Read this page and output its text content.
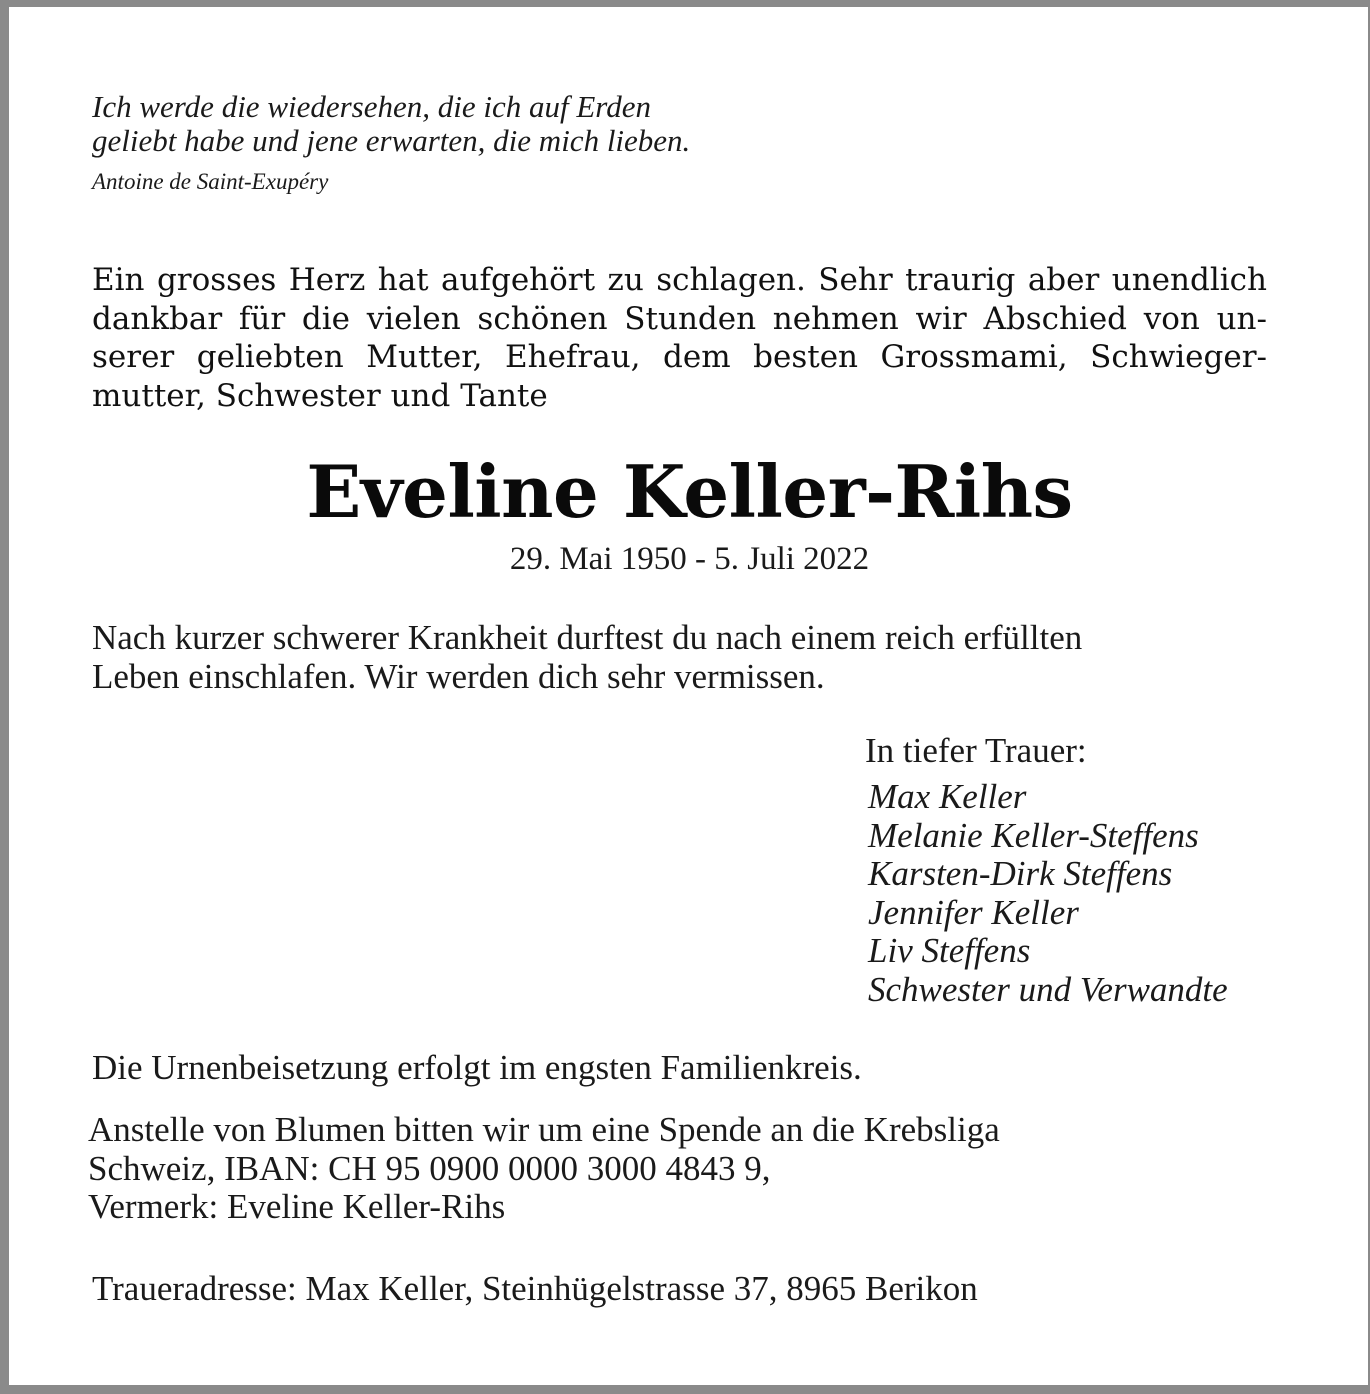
Ich werde die wiedersehen, die ich auf Erden
geliebt habe und jene erwarten, die mich lieben.
Antoine de Saint-Exupéry
Ein grosses Herz hat aufgehört zu schlagen. Sehr traurig aber unendlich
dankbar für die vielen schönen Stunden nehmen wir Abschied von un-
serer geliebten Mutter, Ehefrau, dem besten Grossmami, Schwieger-
mutter, Schwester und Tante
Eveline Keller-Rihs
29. Mai 1950 - 5. Juli 2022
Nach kurzer schwerer Krankheit durftest du nach einem reich erfüllten
Leben einschlafen. Wir werden dich sehr vermissen.
In tiefer Trauer:
Max Keller
Melanie Keller-Steffens
Karsten-Dirk Steffens
Jennifer Keller
Liv Steffens
Schwester und Verwandte
Die Urnenbeisetzung erfolgt im engsten Familienkreis.
Anstelle von Blumen bitten wir um eine Spende an die Krebsliga
Schweiz, IBAN: CH 95 0900 0000 3000 4843 9,
Vermerk: Eveline Keller-Rihs
Traueradresse: Max Keller, Steinhügelstrasse 37, 8965 Berikon
